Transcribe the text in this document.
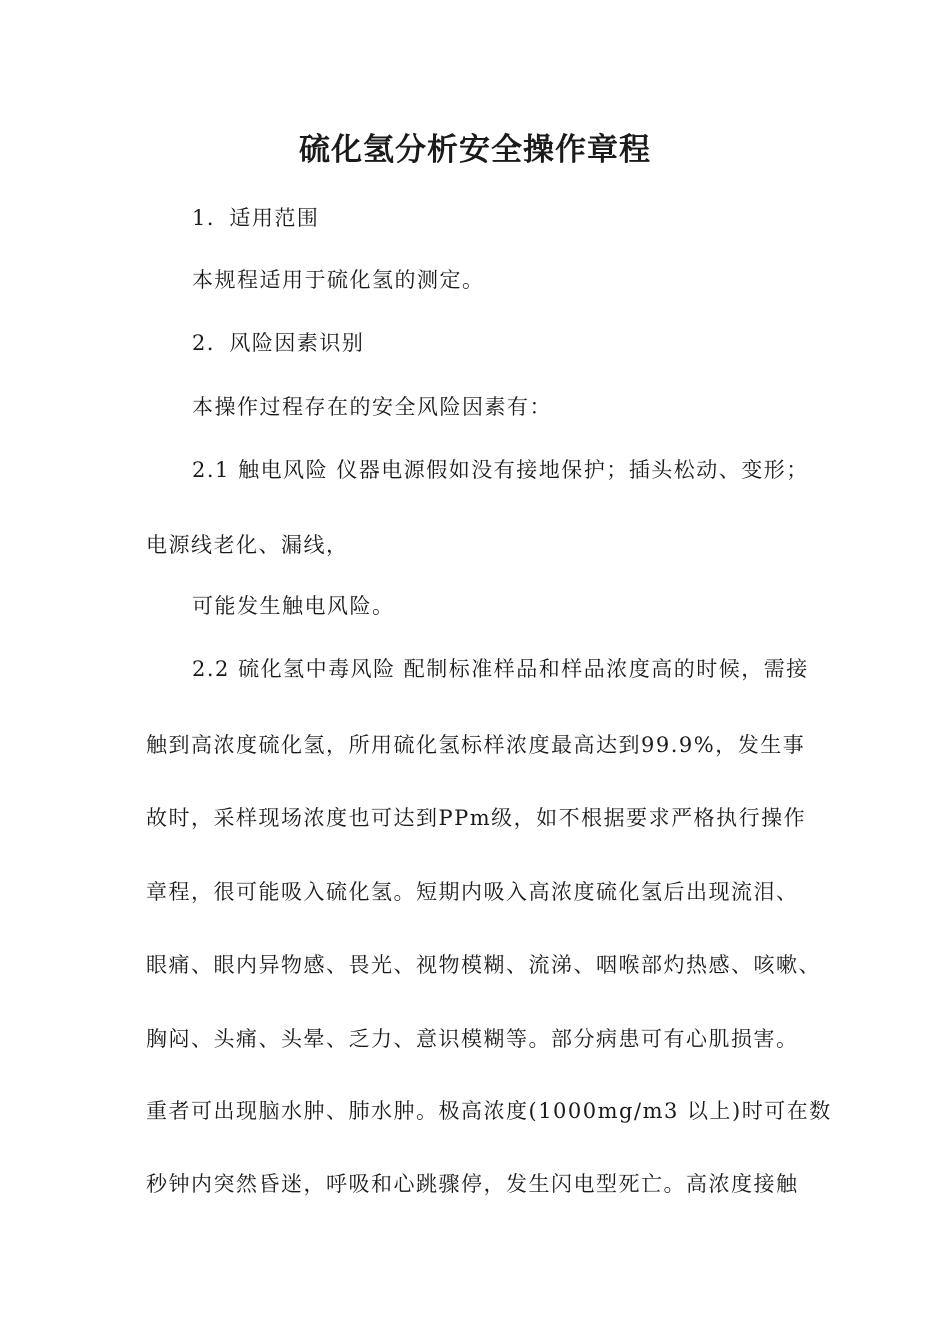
硫化氢分析安全操作章程

1．适用范围

本规程适用于硫化氢的测定。

2．风险因素识别

本操作过程存在的安全风险因素有：

2.1 触电风险 仪器电源假如没有接地保护；插头松动、变形；

电源线老化、漏线，

可能发生触电风险。

2.2 硫化氢中毒风险 配制标准样品和样品浓度高的时候，需接

触到高浓度硫化氢，所用硫化氢标样浓度最高达到99.9%，发生事

故时，采样现场浓度也可达到PPm级，如不根据要求严格执行操作

章程，很可能吸入硫化氢。短期内吸入高浓度硫化氢后出现流泪、

眼痛、眼内异物感、畏光、视物模糊、流涕、咽喉部灼热感、咳嗽、

胸闷、头痛、头晕、乏力、意识模糊等。部分病患可有心肌损害。

重者可出现脑水肿、肺水肿。极高浓度(1000mg/m3 以上)时可在数

秒钟内突然昏迷，呼吸和心跳骤停，发生闪电型死亡。高浓度接触
